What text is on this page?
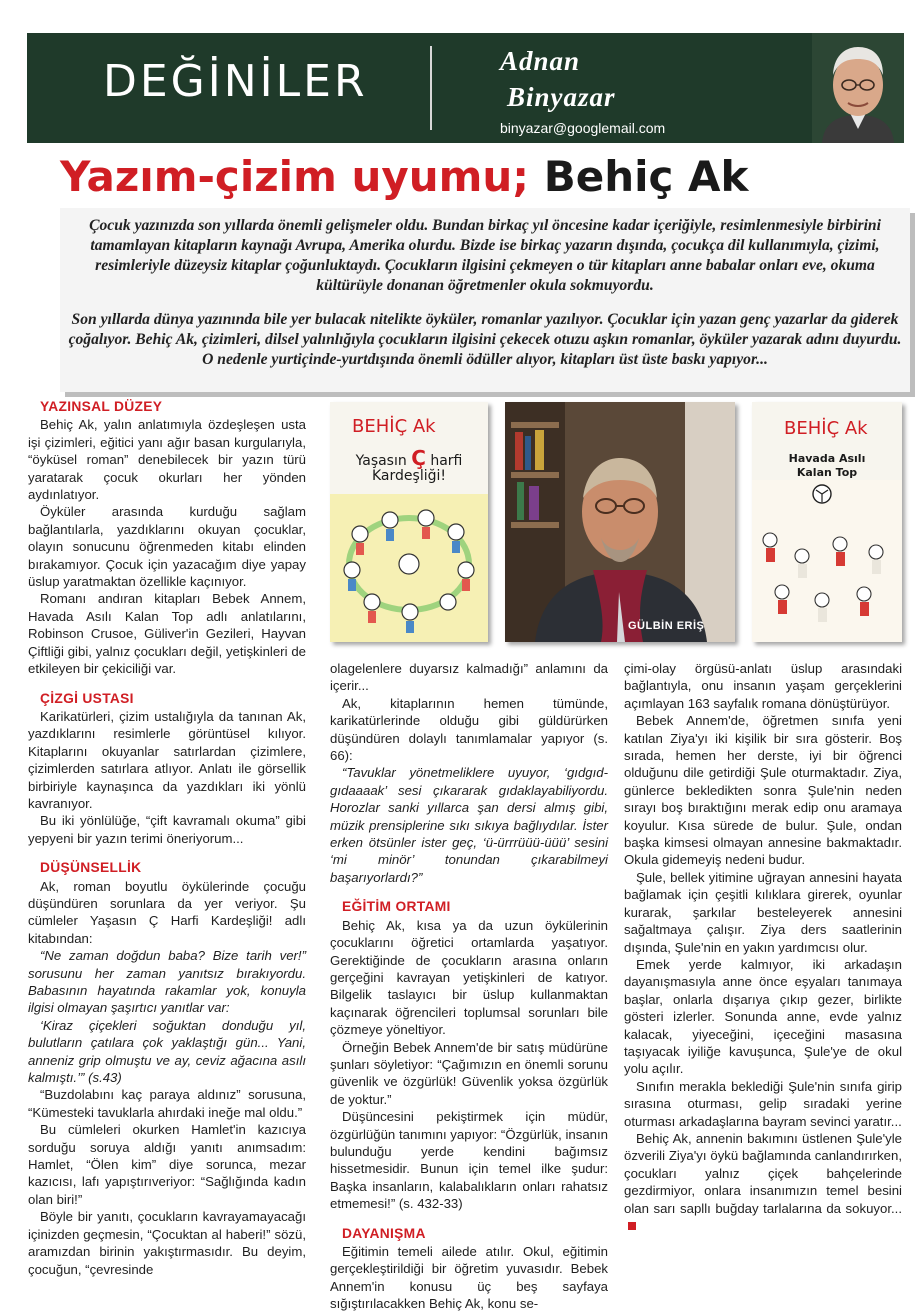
DEĞİNİLER	Adnan
Binyazar
binyazar@googlemail.com
Yazım-çizim uyumu; Behiç Ak

Çocuk yazınızda son yıllarda önemli gelişmeler oldu. Bundan birkaç yıl öncesine kadar içeriğiyle, resimlenmesiyle birbirini tamamlayan kitapların kaynağı Avrupa, Amerika olurdu. Bizde ise birkaç yazarın dışında, çocukça dil kullanımıyla, çizimi, resimleriyle düzeysiz kitaplar çoğunluktaydı. Çocukların ilgisini çekmeyen o tür kitapları anne babalar onları eve, okuma kültürüyle donanan öğretmenler okula sokmuyordu.

Son yıllarda dünya yazınında bile yer bulacak nitelikte öyküler, romanlar yazılıyor. Çocuklar için yazan genç yazarlar da giderek çoğalıyor. Behiç Ak, çizimleri, dilsel yalınlığıyla çocukların ilgisini çekecek otuzu aşkın romanlar, öyküler yazarak adını duyurdu. O nedenle yurtiçinde-yurtdışında önemli ödüller alıyor, kitapları üst üste baskı yapıyor...

BEHİÇ Ak
Yaşasın Ç harfi
Kardeşliği!
GÜLBİN ERİŞ
BEHİÇ Ak
Havada Asılı
Kalan Top
YAZINSAL DÜZEY

Behiç Ak, yalın anlatımıyla özdeşleşen usta işi çizimleri, eğitici yanı ağır basan kurgularıyla, “öyküsel roman” denebilecek bir yazın türü yaratarak çocuk okurları her yönden aydınlatıyor.

Öyküler arasında kurduğu sağlam bağlantılarla, yazdıklarını okuyan çocuklar, olayın sonucunu öğrenmeden kitabı elinden bırakamıyor. Çocuk için yazacağım diye yapay üslup yaratmaktan özellikle kaçınıyor.

Romanı andıran kitapları Bebek Annem, Havada Asılı Kalan Top adlı anlatılarını, Robinson Crusoe, Güliver'in Gezileri, Hayvan Çiftliği gibi, yalnız çocukları değil, yetişkinleri de etkileyen bir çekiciliği var.

ÇİZGİ USTASI

Karikatürleri, çizim ustalığıyla da tanınan Ak, yazdıklarını resimlerle görüntüsel kılıyor. Kitaplarını okuyanlar satırlardan çizimlere, çizimlerden satırlara atlıyor. Anlatı ile görsellik birbiriyle kaynaşınca da yazdıkları iki yönlü kavranıyor.

Bu iki yönlülüğe, “çift kavramalı okuma” gibi yepyeni bir yazın terimi öneriyorum...

DÜŞÜNSELLİK

Ak, roman boyutlu öykülerinde çocuğu düşündüren sorunlara da yer veriyor. Şu cümleler Yaşasın Ç Harfi Kardeşliği! adlı kitabından:

“Ne zaman doğdun baba? Bize tarih ver!” sorusunu her zaman yanıtsız bırakıyordu. Babasının hayatında rakamlar yok, konuyla ilgisi olmayan şaşırtıcı yanıtlar var:

‘Kiraz çiçekleri soğuktan donduğu yıl, bulutların çatılara çok yaklaştığı gün... Yani, anneniz grip olmuştu ve ay, ceviz ağacına asılı kalmıştı.’” (s.43)

“Buzdolabını kaç paraya aldınız” sorusuna, “Kümesteki tavuklarla ahırdaki ineğe mal oldu.”

Bu cümleleri okurken Hamlet'in kazıcıya sorduğu soruya aldığı yanıtı anımsadım: Hamlet, “Ölen kim” diye sorunca, mezar kazıcısı, lafı yapıştırıveriyor: “Sağlığında kadın olan biri!”

Böyle bir yanıtı, çocukların kavrayamayacağı içinizden geçmesin, “Çocuktan al haberi!” sözü, aramızdan birinin yakıştırmasıdır. Bu deyim, çocuğun, “çevresinde

olagelenlere duyarsız kalmadığı” anlamını da içerir...

Ak, kitaplarının hemen tümünde, karikatürlerinde olduğu gibi güldürürken düşündüren dolaylı tanımlamalar yapıyor (s. 66):

“Tavuklar yönetmeliklere uyuyor, ‘gıdgıd-gıdaaaak’ sesi çıkararak gıdaklayabiliyordu. Horozlar sanki yıllarca şan dersi almış gibi, müzik prensiplerine sıkı sıkıya bağlıydılar. İster erken ötsünler ister geç, ‘ü-ürrrüüü-üüü’ sesini ‘mi minör’ tonundan çıkarabilmeyi başarıyorlardı?”

EĞİTİM ORTAMI

Behiç Ak, kısa ya da uzun öykülerinin çocuklarını öğretici ortamlarda yaşatıyor. Gerektiğinde de çocukların arasına onların gerçeğini kavrayan yetişkinleri de katıyor. Bilgelik taslayıcı bir üslup kullanmaktan kaçınarak öğrencileri toplumsal sorunları bile çözmeye yöneltiyor.

Örneğin Bebek Annem'de bir satış müdürüne şunları söyletiyor: “Çağımızın en önemli sorunu güvenlik ve özgürlük! Güvenlik yoksa özgürlük de yoktur.”

Düşüncesini pekiştirmek için müdür, özgürlüğün tanımını yapıyor: “Özgürlük, insanın bulunduğu yerde kendini bağımsız hissetmesidir. Bunun için temel ilke şudur: Başka insanların, kalabalıkların onları rahatsız etmemesi!” (s. 432-33)

DAYANIŞMA

Eğitimin temeli ailede atılır. Okul, eğitimin gerçekleştirildiği bir öğretim yuvasıdır. Bebek Annem'in konusu üç beş sayfaya sığıştırılacakken Behiç Ak, konu se-

çimi-olay örgüsü-anlatı üslup arasındaki bağlantıyla, onu insanın yaşam gerçeklerini açımlayan 163 sayfalık romana dönüştürüyor.

Bebek Annem'de, öğretmen sınıfa yeni katılan Ziya'yı iki kişilik bir sıra gösterir. Boş sırada, hemen her derste, iyi bir öğrenci olduğunu dile getirdiği Şule oturmaktadır. Ziya, günlerce bekledikten sonra Şule'nin neden sırayı boş bıraktığını merak edip onu aramaya koyulur. Kısa sürede de bulur. Şule, ondan başka kimsesi olmayan annesine bakmaktadır. Okula gidemeyiş nedeni budur.

Şule, bellek yitimine uğrayan annesini hayata bağlamak için çeşitli kılıklara girerek, oyunlar kurarak, şarkılar besteleyerek annesini sağaltmaya çalışır. Ziya ders saatlerinin dışında, Şule'nin en yakın yardımcısı olur.

Emek yerde kalmıyor, iki arkadaşın dayanışmasıyla anne önce eşyaları tanımaya başlar, onlarla dışarıya çıkıp gezer, birlikte gösteri izlerler. Sonunda anne, evde yalnız kalacak, yiyeceğini, içeceğini masasına taşıyacak iyiliğe kavuşunca, Şule'ye de okul yolu açılır.

Sınıfın merakla beklediği Şule'nin sınıfa girip sırasına oturması, gelip sıradaki yerine oturması arkadaşlarına bayram sevinci yaratır...

Behiç Ak, annenin bakımını üstlenen Şule'yle özverili Ziya'yı öykü bağlamında canlandırırken, çocukları yalnız çiçek bahçelerinde gezdirmiyor, onlara insanımızın temel besini olan sarı sapllı buğday tarlalarına da sokuyor...
